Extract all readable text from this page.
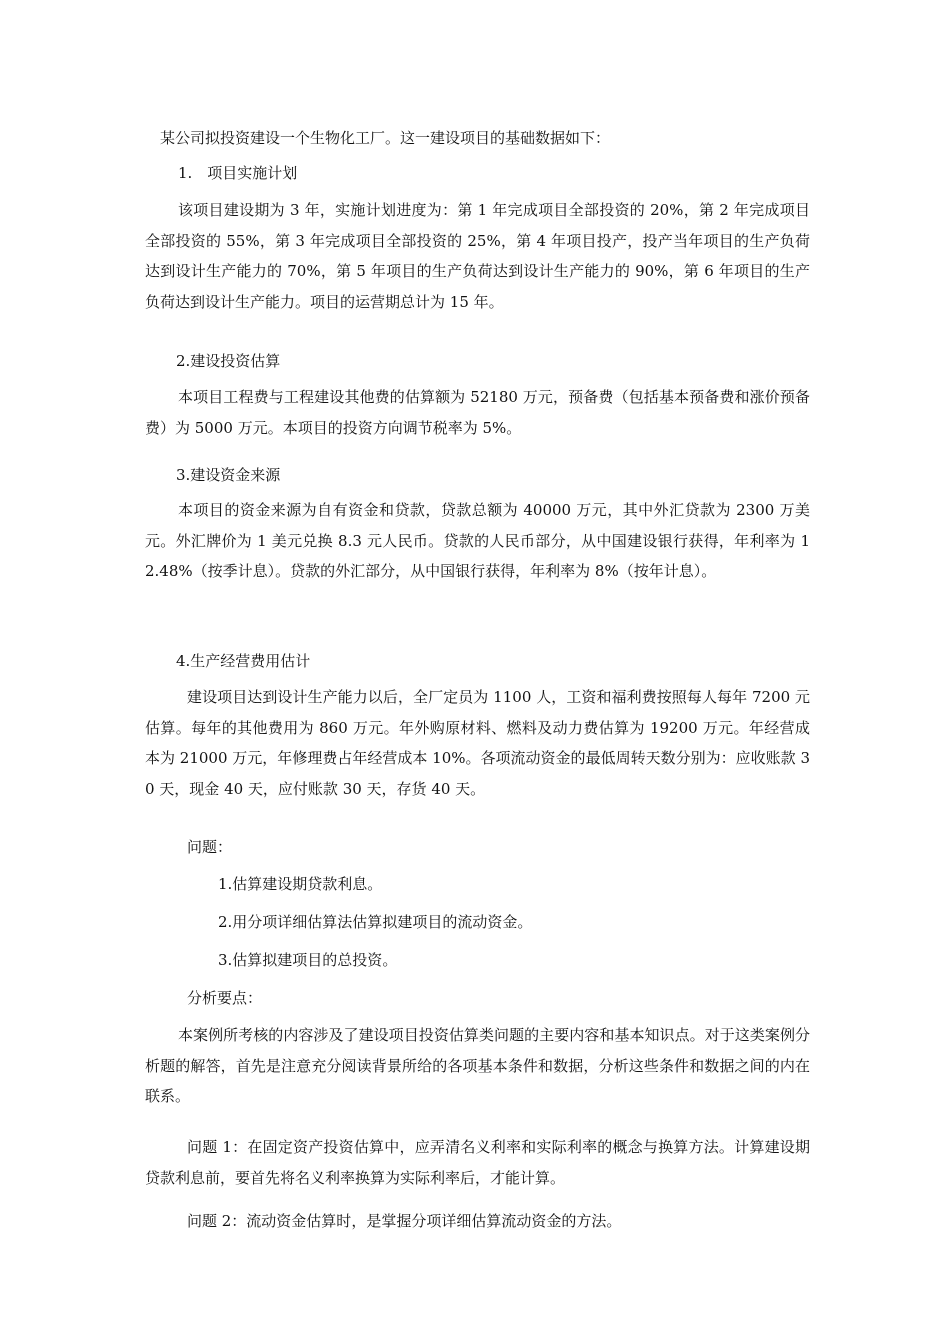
某公司拟投资建设一个生物化工厂。这一建设项目的基础数据如下：

1.　项目实施计划

该项目建设期为 3 年，实施计划进度为：第 1 年完成项目全部投资的 20%，第 2 年完成项目全部投资的 55%，第 3 年完成项目全部投资的 25%，第 4 年项目投产，投产当年项目的生产负荷达到设计生产能力的 70%，第 5 年项目的生产负荷达到设计生产能力的 90%，第 6 年项目的生产负荷达到设计生产能力。项目的运营期总计为 15 年。

2.建设投资估算

本项目工程费与工程建设其他费的估算额为 52180 万元，预备费（包括基本预备费和涨价预备费）为 5000 万元。本项目的投资方向调节税率为 5%。

3.建设资金来源

本项目的资金来源为自有资金和贷款，贷款总额为 40000 万元，其中外汇贷款为 2300 万美元。外汇牌价为 1 美元兑换 8.3 元人民币。贷款的人民币部分，从中国建设银行获得，年利率为 12.48%（按季计息）。贷款的外汇部分，从中国银行获得，年利率为 8%（按年计息）。

4.生产经营费用估计

建设项目达到设计生产能力以后，全厂定员为 1100 人，工资和福利费按照每人每年 7200 元估算。每年的其他费用为 860 万元。年外购原材料、燃料及动力费估算为 19200 万元。年经营成本为 21000 万元，年修理费占年经营成本 10%。各项流动资金的最低周转天数分别为：应收账款 30 天，现金 40 天，应付账款 30 天，存货 40 天。

问题：

1.估算建设期贷款利息。

2.用分项详细估算法估算拟建项目的流动资金。

3.估算拟建项目的总投资。

分析要点：

本案例所考核的内容涉及了建设项目投资估算类问题的主要内容和基本知识点。对于这类案例分析题的解答，首先是注意充分阅读背景所给的各项基本条件和数据，分析这些条件和数据之间的内在联系。

问题 1：在固定资产投资估算中，应弄清名义利率和实际利率的概念与换算方法。计算建设期贷款利息前，要首先将名义利率换算为实际利率后，才能计算。

问题 2：流动资金估算时，是掌握分项详细估算流动资金的方法。
